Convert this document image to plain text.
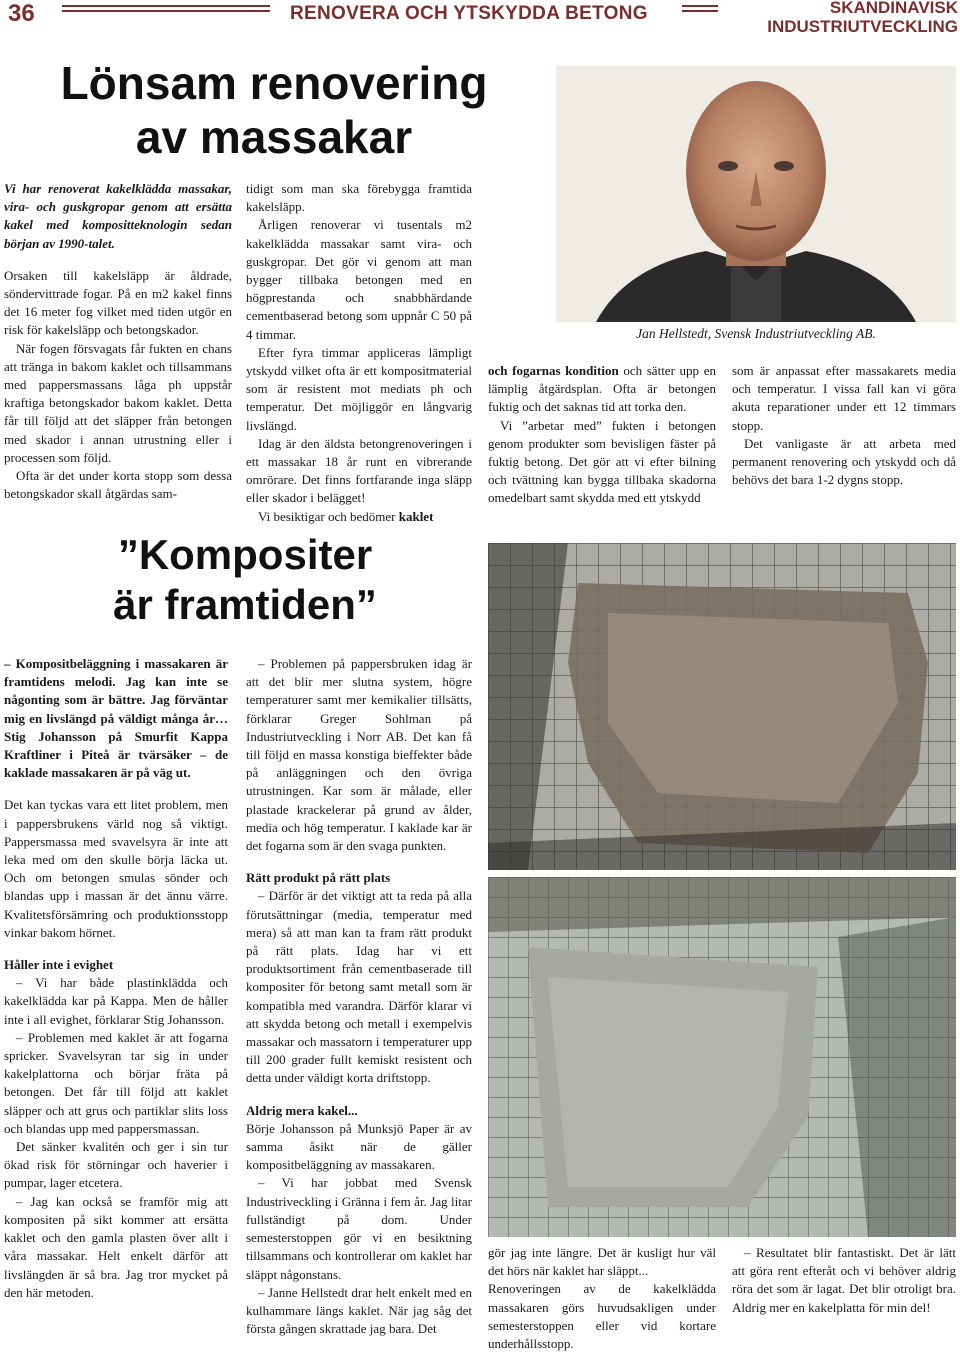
36	RENOVERA OCH YTSKYDDA BETONG	SKANDINAVISK
INDUSTRIUTVECKLING
Lönsam renovering
av massakar

Vi har renoverat kakelklädda massakar, vira- och guskgropar genom att ersätta kakel med kompositteknologin sedan början av 1990-talet.

Orsaken till kakelsläpp är åldrade, söndervittrade fogar. På en m2 kakel finns det 16 meter fog vilket med tiden utgör en risk för kakelsläpp och betongskador.

När fogen försvagats får fukten en chans att tränga in bakom kaklet och tillsammans med pappersmassans låga ph uppstår kraftiga betongskador bakom kaklet. Detta får till följd att det släpper från betongen med skador i annan utrustning eller i processen som följd.

Ofta är det under korta stopp som dessa betongskador skall åtgärdas sam-

tidigt som man ska förebygga framtida kakelsläpp.

Årligen renoverar vi tusentals m2 kakelklädda massakar samt vira- och guskgropar. Det gör vi genom att man bygger tillbaka betongen med en högprestanda och snabbhärdande cementbaserad betong som uppnår C 50 på 4 timmar.

Efter fyra timmar appliceras lämpligt ytskydd vilket ofta är ett kompositmaterial som är resistent mot mediats ph och temperatur. Det möjliggör en långvarig livslängd.

Idag är den äldsta betongrenoveringen i ett massakar 18 år runt en vibrerande omrörare. Det finns fortfarande inga släpp eller skador i belägget!

Vi besiktigar och bedömer kaklet

Jan Hellstedt, Svensk Industriutveckling AB.

och fogarnas kondition och sätter upp en lämplig åtgärdsplan. Ofta är betongen fuktig och det saknas tid att torka den.

Vi ”arbetar med” fukten i betongen genom produkter som bevisligen fäster på fuktig betong. Det gör att vi efter bilning och tvättning kan bygga tillbaka skadorna omedelbart samt skydda med ett ytskydd

som är anpassat efter massakarets media och temperatur. I vissa fall kan vi göra akuta reparationer under ett 12 timmars stopp.

Det vanligaste är att arbeta med permanent renovering och ytskydd och då behövs det bara 1-2 dygns stopp.

”Kompositer
är framtiden”

– Kompositbeläggning i massakaren är framtidens melodi. Jag kan inte se någonting som är bättre. Jag förväntar mig en livslängd på väldigt många år… Stig Johansson på Smurfit Kappa Kraftliner i Piteå är tvärsäker – de kaklade massakaren är på väg ut.

Det kan tyckas vara ett litet problem, men i pappersbrukens värld nog så viktigt. Pappersmassa med svavelsyra är inte att leka med om den skulle börja läcka ut. Och om betongen smulas sönder och blandas upp i massan är det ännu värre. Kvalitetsförsämring och produktionsstopp vinkar bakom hörnet.

Håller inte i evighet

– Vi har både plastinklädda och kakelklädda kar på Kappa. Men de håller inte i all evighet, förklarar Stig Johansson.

– Problemen med kaklet är att fogarna spricker. Svavelsyran tar sig in under kakelplattorna och börjar fräta på betongen. Det får till följd att kaklet släpper och att grus och partiklar slits loss och blandas upp med pappersmassan.

Det sänker kvalitén och ger i sin tur ökad risk för störningar och haverier i pumpar, lager etcetera.

– Jag kan också se framför mig att kompositen på sikt kommer att ersätta kaklet och den gamla plasten över allt i våra massakar. Helt enkelt därför att livslängden är så bra. Jag tror mycket på den här metoden.

– Problemen på pappersbruken idag är att det blir mer slutna system, högre temperaturer samt mer kemikalier tillsätts, förklarar Greger Sohlman på Industriutveckling i Norr AB. Det kan få till följd en massa konstiga bieffekter både på anläggningen och den övriga utrustningen. Kar som är målade, eller plastade krackelerar på grund av ålder, media och hög temperatur. I kaklade kar är det fogarna som är den svaga punkten.

Rätt produkt på rätt plats

– Därför är det viktigt att ta reda på alla förutsättningar (media, temperatur med mera) så att man kan ta fram rätt produkt på rätt plats. Idag har vi ett produktsortiment från cementbaserade till kompositer för betong samt metall som är kompatibla med varandra. Därför klarar vi att skydda betong och metall i exempelvis massakar och massatorn i temperaturer upp till 200 grader fullt kemiskt resistent och detta under väldigt korta driftstopp.

Aldrig mera kakel...

Börje Johansson på Munksjö Paper är av samma åsikt när de gäller kompositbeläggning av massakaren.

– Vi har jobbat med Svensk Industriveckling i Gränna i fem år. Jag litar fullständigt på dom. Under semesterstoppen gör vi en besiktning tillsammans och kontrollerar om kaklet har släppt någonstans.

– Janne Hellstedt drar helt enkelt med en kulhammare längs kaklet. När jag såg det första gången skrattade jag bara. Det

gör jag inte längre. Det är kusligt hur väl det hörs när kaklet har släppt...

Renoveringen av de kakelklädda massakaren görs huvudsakligen under semesterstoppen eller vid kortare underhållsstopp.

– Resultatet blir fantastiskt. Det är lätt att göra rent efteråt och vi behöver aldrig röra det som är lagat. Det blir otroligt bra. Aldrig mer en kakelplatta för min del!
